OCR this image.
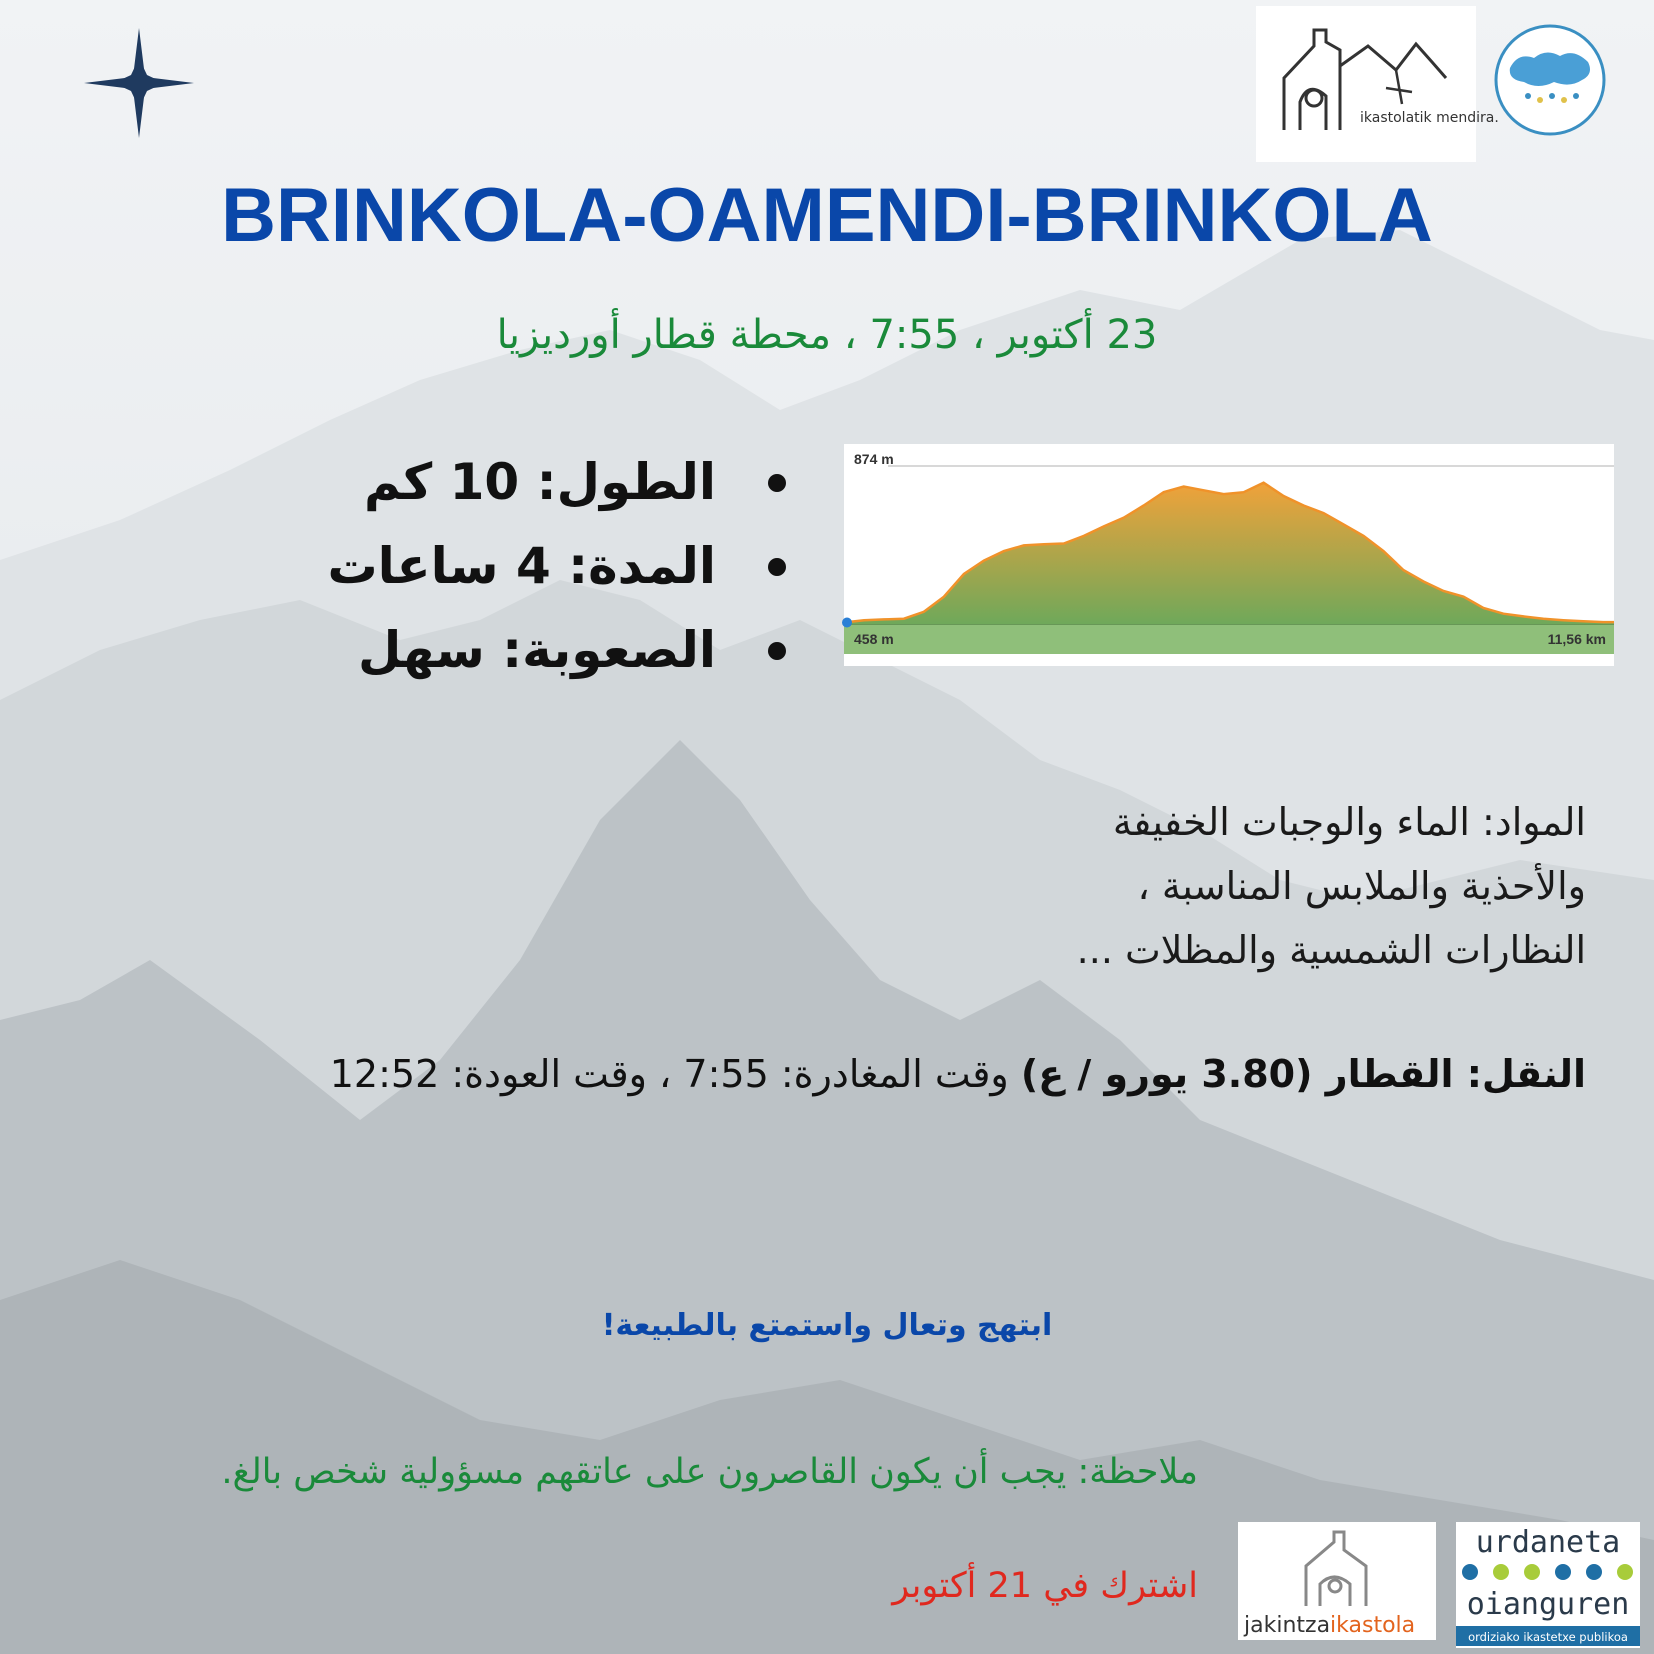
ikastolatik mendira.
BRINKOLA-OAMENDI-BRINKOLA
23 أكتوبر ، 7:55 ، محطة قطار أورديزيا
الطول: 10 كم
المدة: 4 ساعات
الصعوبة: سهل
874 m
458 m	11,56 km
المواد: الماء والوجبات الخفيفة
والأحذية والملابس المناسبة ،
النظارات الشمسية والمظلات ...
النقل: القطار (3.80 يورو / ع) وقت المغادرة: 7:55 ، وقت العودة: 12:52
ابتهج وتعال واستمتع بالطبيعة!
ملاحظة: يجب أن يكون القاصرون على عاتقهم مسؤولية شخص بالغ.
اشترك في 21 أكتوبر
jakintzaikastola
urdaneta
oianguren
ordiziako ikastetxe publikoa
